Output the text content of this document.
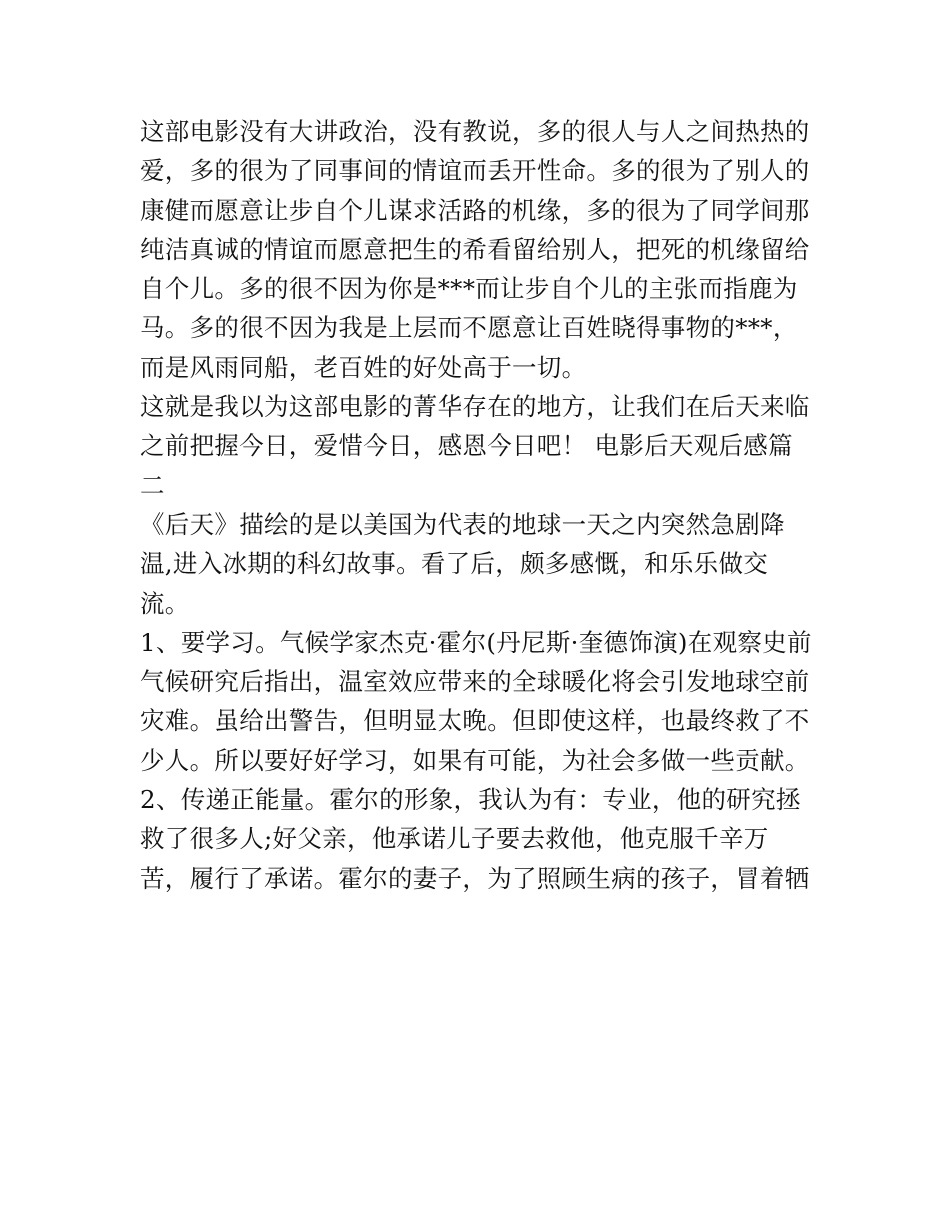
这部电影没有大讲政治，没有教说，多的很人与人之间热热的
爱，多的很为了同事间的情谊而丢开性命。多的很为了别人的
康健而愿意让步自个儿谋求活路的机缘，多的很为了同学间那
纯洁真诚的情谊而愿意把生的希看留给别人，把死的机缘留给
自个儿。多的很不因为你是***而让步自个儿的主张而指鹿为
马。多的很不因为我是上层而不愿意让百姓晓得事物的***，
而是风雨同船，老百姓的好处高于一切。
这就是我以为这部电影的菁华存在的地方，让我们在后天来临
之前把握今日，爱惜今日，感恩今日吧！ 电影后天观后感篇
二
《后天》描绘的是以美国为代表的地球一天之内突然急剧降
温,进入冰期的科幻故事。看了后，颇多感慨，和乐乐做交
流。
1、要学习。气候学家杰克·霍尔(丹尼斯·奎德饰演)在观察史前
气候研究后指出，温室效应带来的全球暖化将会引发地球空前
灾难。虽给出警告，但明显太晚。但即使这样，也最终救了不
少人。所以要好好学习，如果有可能，为社会多做一些贡献。
2、传递正能量。霍尔的形象，我认为有：专业，他的研究拯
救了很多人;好父亲，他承诺儿子要去救他，他克服千辛万
苦，履行了承诺。霍尔的妻子，为了照顾生病的孩子，冒着牺
